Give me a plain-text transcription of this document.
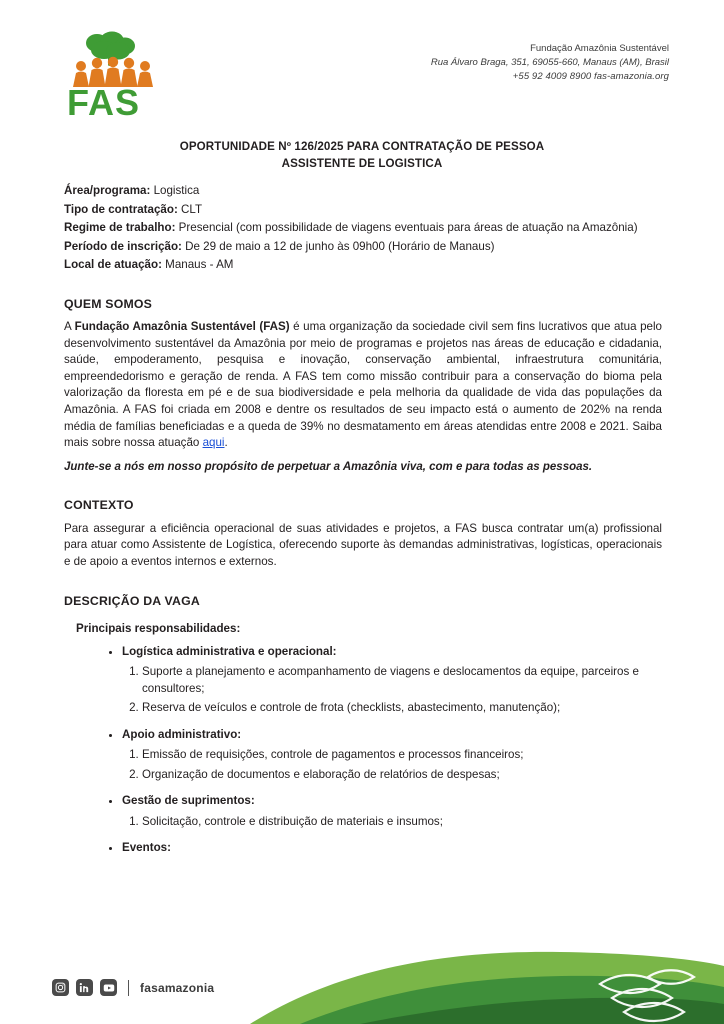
FAS
Fundação Amazônia Sustentável
Rua Álvaro Braga, 351, 69055-660, Manaus (AM), Brasil
+55 92 4009 8900 fas-amazonia.org
OPORTUNIDADE Nº 126/2025 PARA CONTRATAÇÃO DE PESSOA
ASSISTENTE DE LOGISTICA

Área/programa: Logistica

Tipo de contratação: CLT

Regime de trabalho: Presencial (com possibilidade de viagens eventuais para áreas de atuação na Amazônia)

Período de inscrição: De 29 de maio a 12 de junho às 09h00 (Horário de Manaus)

Local de atuação: Manaus - AM

QUEM SOMOS

A Fundação Amazônia Sustentável (FAS) é uma organização da sociedade civil sem fins lucrativos que atua pelo desenvolvimento sustentável da Amazônia por meio de programas e projetos nas áreas de educação e cidadania, saúde, empoderamento, pesquisa e inovação, conservação ambiental, infraestrutura comunitária, empreendedorismo e geração de renda. A FAS tem como missão contribuir para a conservação do bioma pela valorização da floresta em pé e de sua biodiversidade e pela melhoria da qualidade de vida das populações da Amazônia. A FAS foi criada em 2008 e dentre os resultados de seu impacto está o aumento de 202% na renda média de famílias beneficiadas e a queda de 39% no desmatamento em áreas atendidas entre 2008 e 2021. Saiba mais sobre nossa atuação aqui.

Junte-se a nós em nosso propósito de perpetuar a Amazônia viva, com e para todas as pessoas.

CONTEXTO

Para assegurar a eficiência operacional de suas atividades e projetos, a FAS busca contratar um(a) profissional para atuar como Assistente de Logística, oferecendo suporte às demandas administrativas, logísticas, operacionais e de apoio a eventos internos e externos.

DESCRIÇÃO DA VAGA
Principais responsabilidades:
• Logística administrativa e operacional:
1. Suporte a planejamento e acompanhamento de viagens e deslocamentos da equipe, parceiros e consultores;
2. Reserva de veículos e controle de frota (checklists, abastecimento, manutenção);
• Apoio administrativo:
1. Emissão de requisições, controle de pagamentos e processos financeiros;
2. Organização de documentos e elaboração de relatórios de despesas;
• Gestão de suprimentos:
1. Solicitação, controle e distribuição de materiais e insumos;
• Eventos:
fasamazonia
